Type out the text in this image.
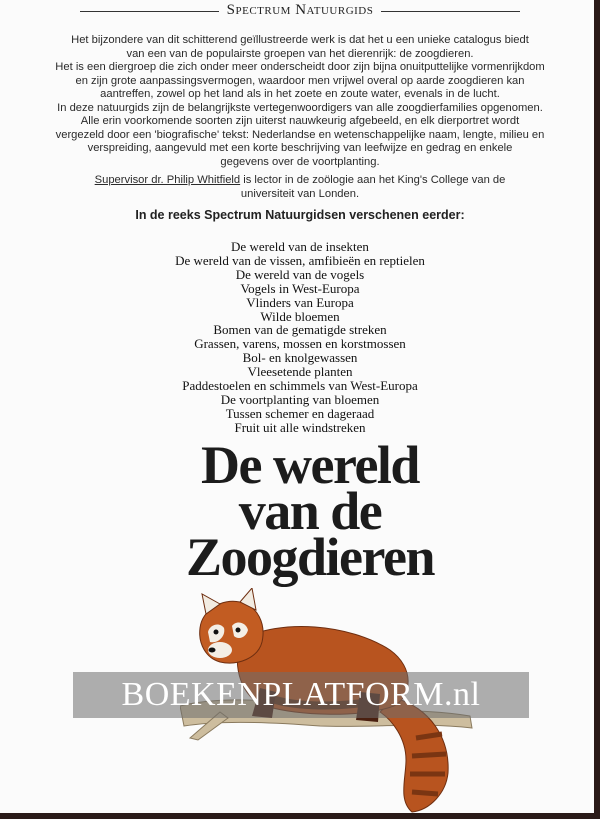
Spectrum Natuurgids

Het bijzondere van dit schitterend geïllustreerde werk is dat het u een unieke catalogus biedt

van een van de populairste groepen van het dierenrijk: de zoogdieren.

Het is een diergroep die zich onder meer onderscheidt door zijn bijna onuitputtelijke vormenrijkdom

en zijn grote aanpassingsvermogen, waardoor men vrijwel overal op aarde zoogdieren kan

aantreffen, zowel op het land als in het zoete en zoute water, evenals in de lucht.

In deze natuurgids zijn de belangrijkste vertegenwoordigers van alle zoogdierfamilies opgenomen.

Alle erin voorkomende soorten zijn uiterst nauwkeurig afgebeeld, en elk dierportret wordt

vergezeld door een 'biografische' tekst: Nederlandse en wetenschappelijke naam, lengte, milieu en

verspreiding, aangevuld met een korte beschrijving van leefwijze en gedrag en enkele

gegevens over de voortplanting.

Supervisor dr. Philip Whitfield is lector in de zoölogie aan het King's College van de
universiteit van Londen.
In de reeks Spectrum Natuurgidsen verschenen eerder:
De wereld van de insekten
De wereld van de vissen, amfibieën en reptielen
De wereld van de vogels
Vogels in West-Europa
Vlinders van Europa
Wilde bloemen
Bomen van de gematigde streken
Grassen, varens, mossen en korstmossen
Bol- en knolgewassen
Vleesetende planten
Paddestoelen en schimmels van West-Europa
De voortplanting van bloemen
Tussen schemer en dageraad
Fruit uit alle windstreken
De wereld
van de
Zoogdieren
BOEKENPLATFORM.nl
